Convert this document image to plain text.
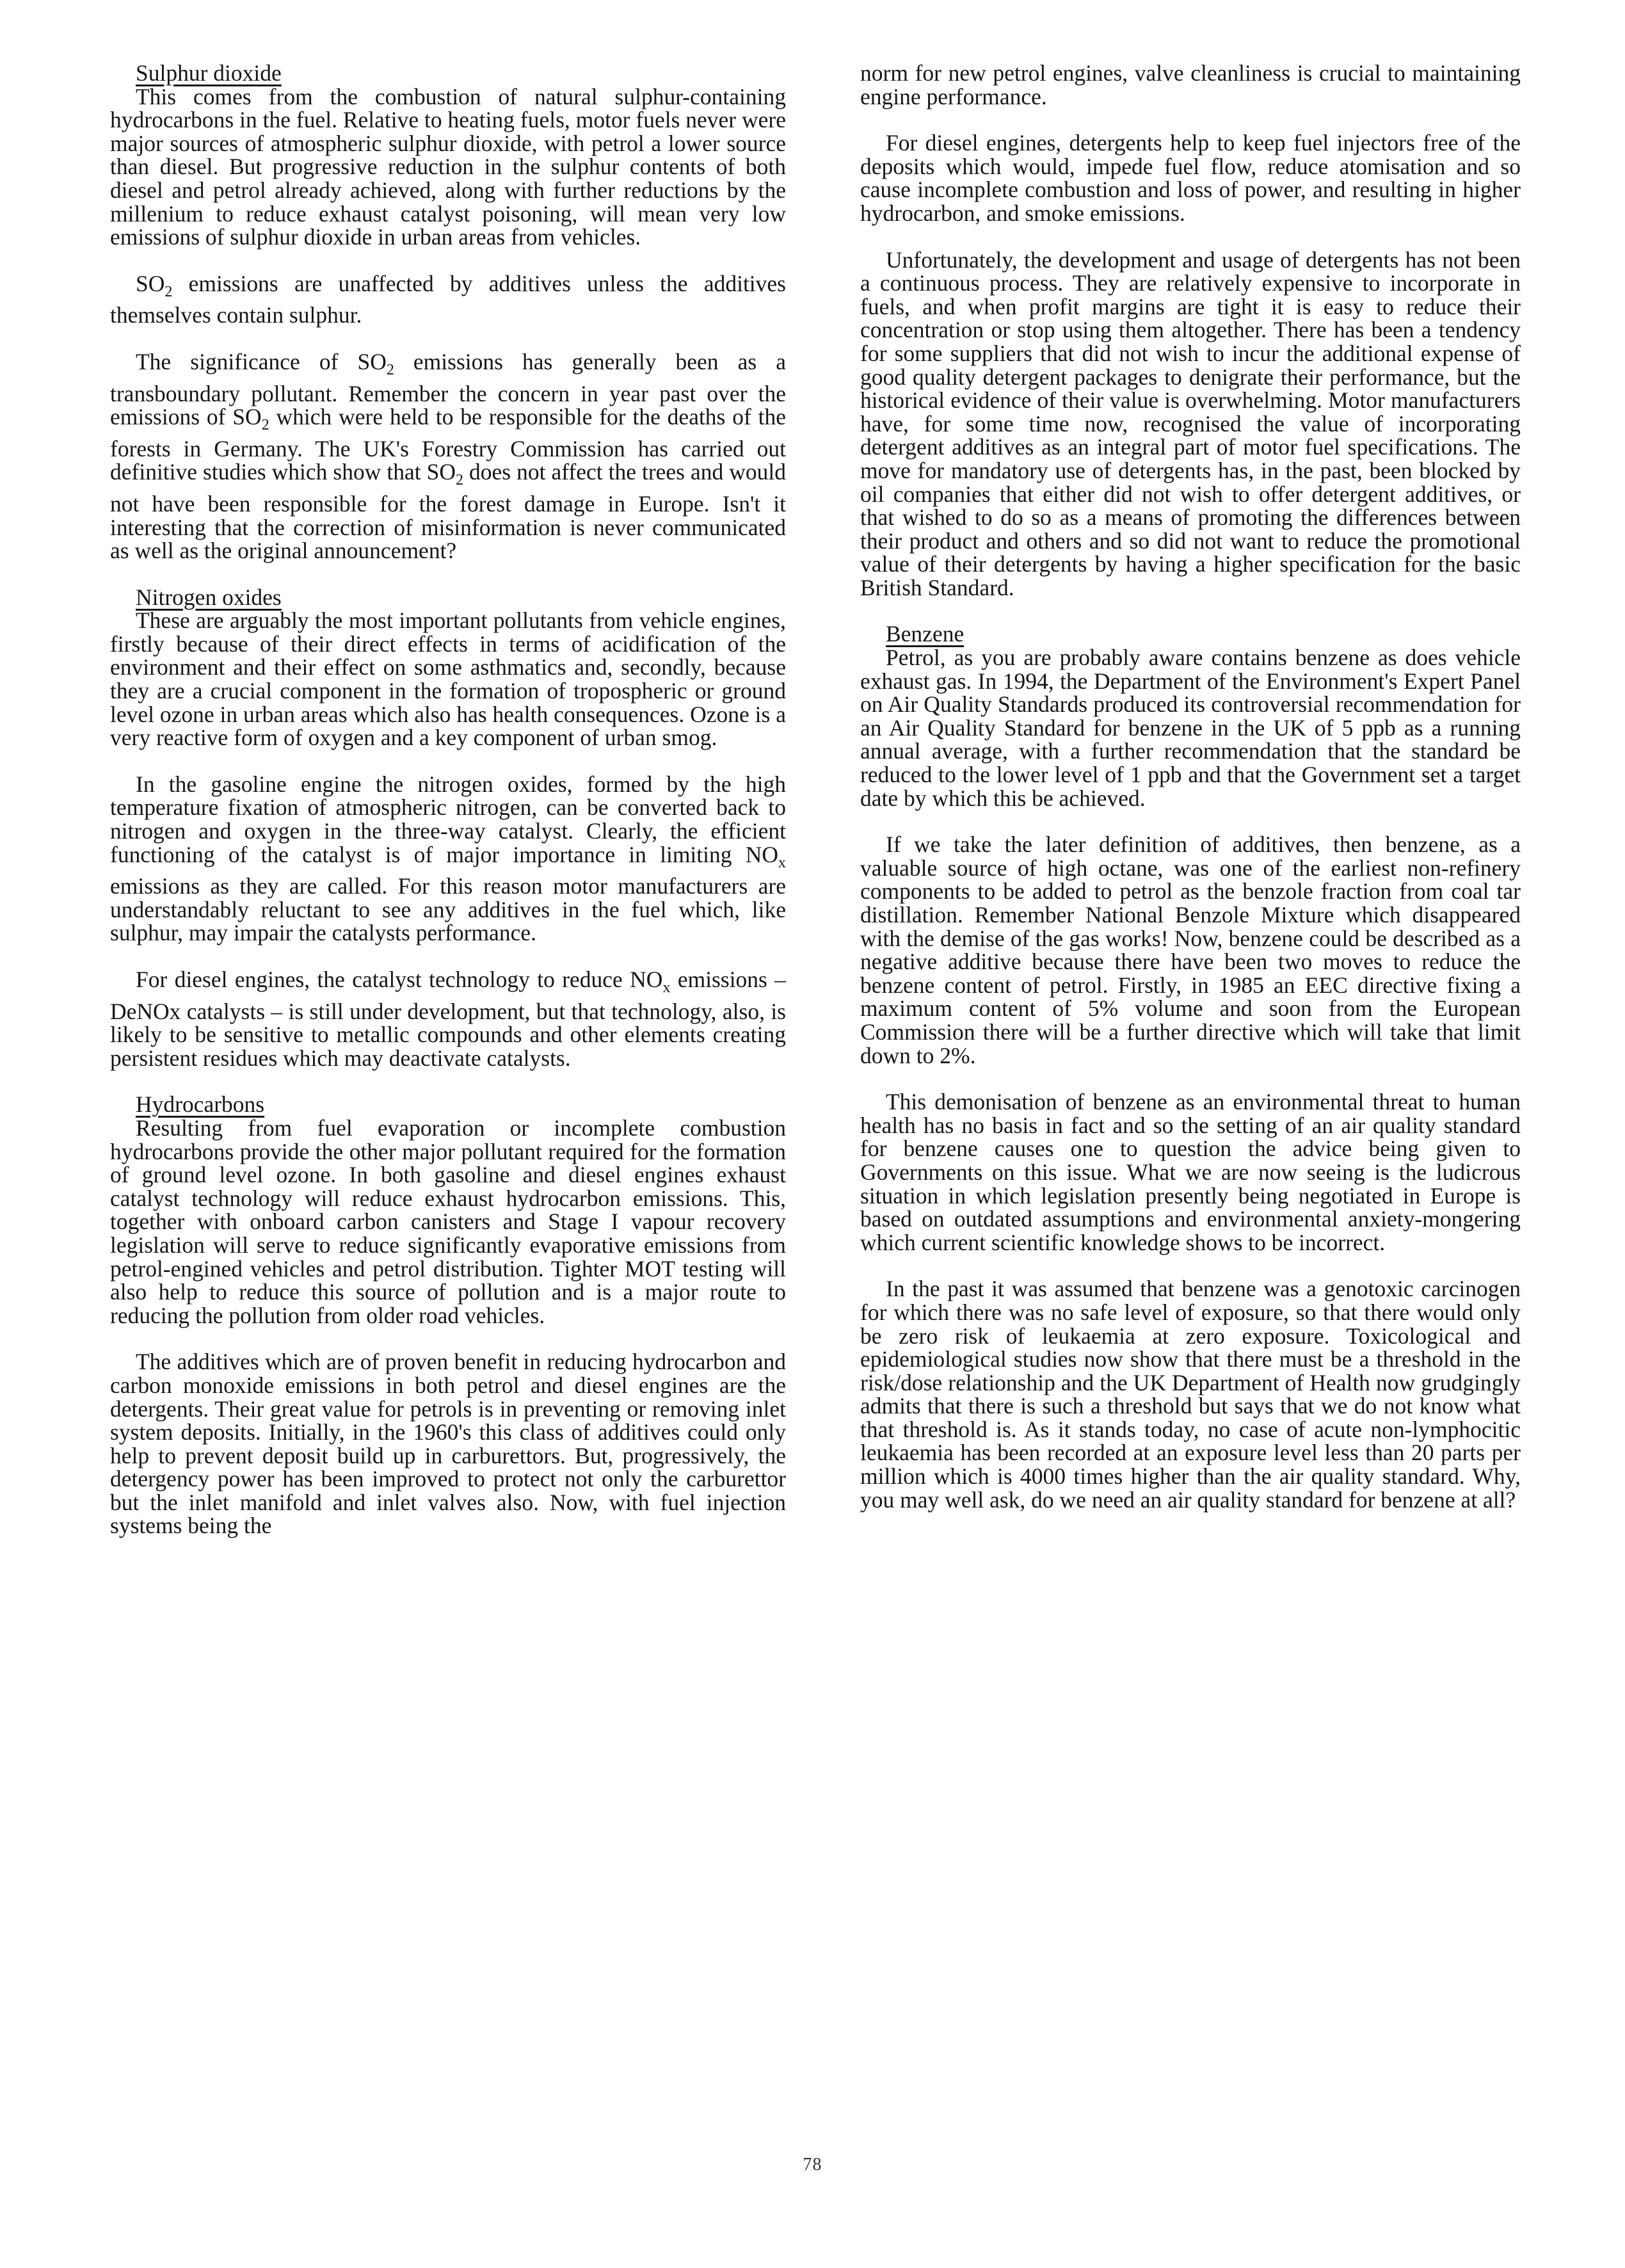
Sulphur dioxide

This comes from the combustion of natural sulphur-containing hydrocarbons in the fuel. Relative to heating fuels, motor fuels never were major sources of atmospheric sulphur dioxide, with petrol a lower source than diesel. But progressive reduction in the sulphur contents of both diesel and petrol already achieved, along with further reductions by the millenium to reduce exhaust catalyst poisoning, will mean very low emissions of sulphur dioxide in urban areas from vehicles.

$SO_2$ emissions are unaffected by additives unless the additives themselves contain sulphur.

The significance of $SO_2$ emissions has generally been as a transboundary pollutant. Remember the concern in year past over the emissions of $SO_2$ which were held to be responsible for the deaths of the forests in Germany. The UK's Forestry Commission has carried out definitive studies which show that $SO_2$ does not affect the trees and would not have been responsible for the forest damage in Europe. Isn't it interesting that the correction of misinformation is never communicated as well as the original announcement?

Nitrogen oxides

These are arguably the most important pollutants from vehicle engines, firstly because of their direct effects in terms of acidification of the environment and their effect on some asthmatics and, secondly, because they are a crucial component in the formation of tropospheric or ground level ozone in urban areas which also has health consequences. Ozone is a very reactive form of oxygen and a key component of urban smog.

In the gasoline engine the nitrogen oxides, formed by the high temperature fixation of atmospheric nitrogen, can be converted back to nitrogen and oxygen in the three-way catalyst. Clearly, the efficient functioning of the catalyst is of major importance in limiting $NO_x$ emissions as they are called. For this reason motor manufacturers are understandably reluctant to see any additives in the fuel which, like sulphur, may impair the catalysts performance.

For diesel engines, the catalyst technology to reduce $NO_x$ emissions – DeNOx catalysts – is still under development, but that technology, also, is likely to be sensitive to metallic compounds and other elements creating persistent residues which may deactivate catalysts.

Hydrocarbons

Resulting from fuel evaporation or incomplete combustion hydrocarbons provide the other major pollutant required for the formation of ground level ozone. In both gasoline and diesel engines exhaust catalyst technology will reduce exhaust hydrocarbon emissions. This, together with onboard carbon canisters and Stage I vapour recovery legislation will serve to reduce significantly evaporative emissions from petrol-engined vehicles and petrol distribution. Tighter MOT testing will also help to reduce this source of pollution and is a major route to reducing the pollution from older road vehicles.

The additives which are of proven benefit in reducing hydrocarbon and carbon monoxide emissions in both petrol and diesel engines are the detergents. Their great value for petrols is in preventing or removing inlet system deposits. Initially, in the 1960's this class of additives could only help to prevent deposit build up in carburettors. But, progressively, the detergency power has been improved to protect not only the carburettor but the inlet manifold and inlet valves also. Now, with fuel injection systems being the

norm for new petrol engines, valve cleanliness is crucial to maintaining engine performance.

For diesel engines, detergents help to keep fuel injectors free of the deposits which would, impede fuel flow, reduce atomisation and so cause incomplete combustion and loss of power, and resulting in higher hydrocarbon, and smoke emissions.

Unfortunately, the development and usage of detergents has not been a continuous process. They are relatively expensive to incorporate in fuels, and when profit margins are tight it is easy to reduce their concentration or stop using them altogether. There has been a tendency for some suppliers that did not wish to incur the additional expense of good quality detergent packages to denigrate their performance, but the historical evidence of their value is overwhelming. Motor manufacturers have, for some time now, recognised the value of incorporating detergent additives as an integral part of motor fuel specifications. The move for mandatory use of detergents has, in the past, been blocked by oil companies that either did not wish to offer detergent additives, or that wished to do so as a means of promoting the differences between their product and others and so did not want to reduce the promotional value of their detergents by having a higher specification for the basic British Standard.

Benzene

Petrol, as you are probably aware contains benzene as does vehicle exhaust gas. In 1994, the Department of the Environment's Expert Panel on Air Quality Standards produced its controversial recommendation for an Air Quality Standard for benzene in the UK of 5 ppb as a running annual average, with a further recommendation that the standard be reduced to the lower level of 1 ppb and that the Government set a target date by which this be achieved.

If we take the later definition of additives, then benzene, as a valuable source of high octane, was one of the earliest non-refinery components to be added to petrol as the benzole fraction from coal tar distillation. Remember National Benzole Mixture which disappeared with the demise of the gas works! Now, benzene could be described as a negative additive because there have been two moves to reduce the benzene content of petrol. Firstly, in 1985 an EEC directive fixing a maximum content of 5% volume and soon from the European Commission there will be a further directive which will take that limit down to 2%.

This demonisation of benzene as an environmental threat to human health has no basis in fact and so the setting of an air quality standard for benzene causes one to question the advice being given to Governments on this issue. What we are now seeing is the ludicrous situation in which legislation presently being negotiated in Europe is based on outdated assumptions and environmental anxiety-mongering which current scientific knowledge shows to be incorrect.

In the past it was assumed that benzene was a genotoxic carcinogen for which there was no safe level of exposure, so that there would only be zero risk of leukaemia at zero exposure. Toxicological and epidemiological studies now show that there must be a threshold in the risk/dose relationship and the UK Department of Health now grudgingly admits that there is such a threshold but says that we do not know what that threshold is. As it stands today, no case of acute non-lymphocitic leukaemia has been recorded at an exposure level less than 20 parts per million which is 4000 times higher than the air quality standard. Why, you may well ask, do we need an air quality standard for benzene at all?

78
